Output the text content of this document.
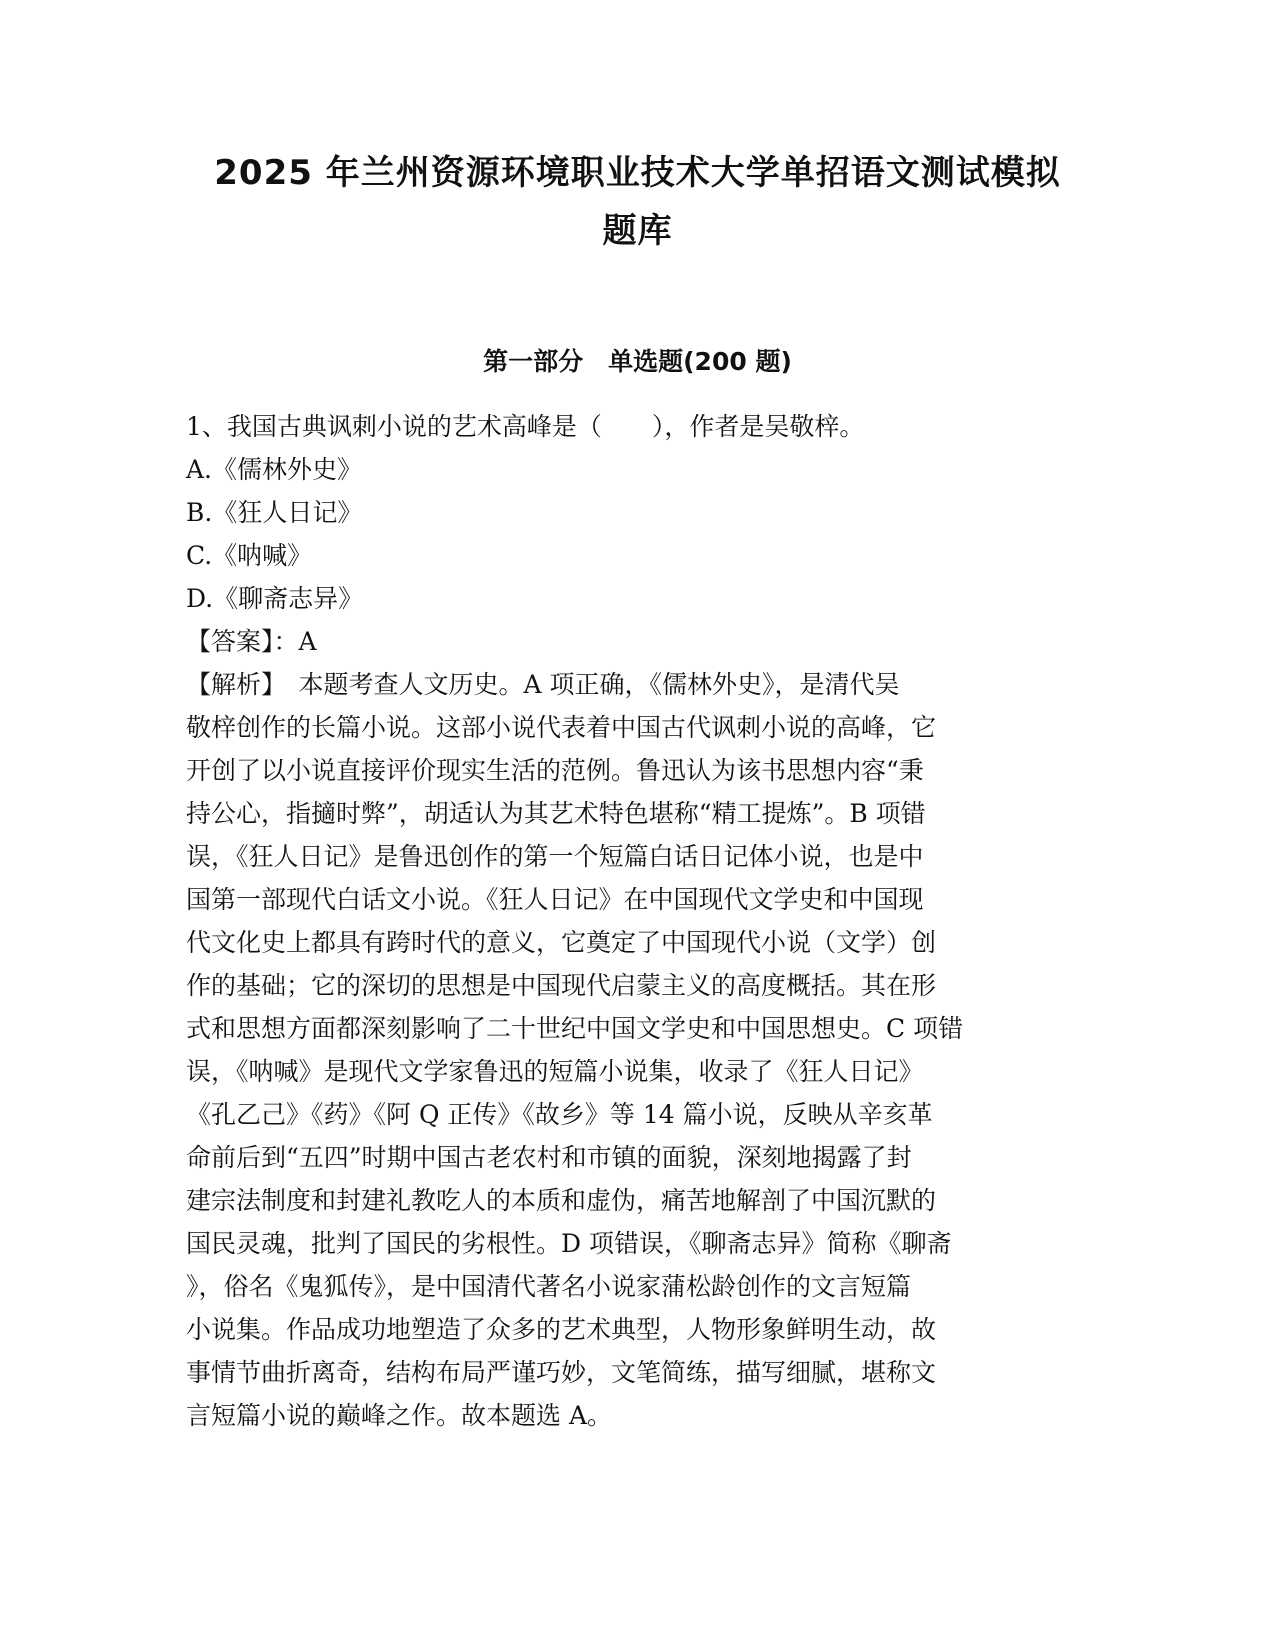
2025 年兰州资源环境职业技术大学单招语文测试模拟
题库
第一部分　单选题(200 题)
1、我国古典讽刺小说的艺术高峰是（　　），作者是吴敬梓。
A.《儒林外史》
B.《狂人日记》
C.《呐喊》
D.《聊斋志异》
【答案】：A
【解析】　本题考查人文历史。A 项正确，《儒林外史》，是清代吴
敬梓创作的长篇小说。这部小说代表着中国古代讽刺小说的高峰，它
开创了以小说直接评价现实生活的范例。鲁迅认为该书思想内容“秉
持公心，指擿时弊”，胡适认为其艺术特色堪称“精工提炼”。B 项错
误，《狂人日记》是鲁迅创作的第一个短篇白话日记体小说，也是中
国第一部现代白话文小说。《狂人日记》在中国现代文学史和中国现
代文化史上都具有跨时代的意义，它奠定了中国现代小说（文学）创
作的基础；它的深切的思想是中国现代启蒙主义的高度概括。其在形
式和思想方面都深刻影响了二十世纪中国文学史和中国思想史。C 项错
误，《呐喊》是现代文学家鲁迅的短篇小说集，收录了《狂人日记》
《孔乙己》《药》《阿 Q 正传》《故乡》等 14 篇小说，反映从辛亥革
命前后到“五四”时期中国古老农村和市镇的面貌，深刻地揭露了封
建宗法制度和封建礼教吃人的本质和虚伪，痛苦地解剖了中国沉默的
国民灵魂，批判了国民的劣根性。D 项错误，《聊斋志异》简称《聊斋
》，俗名《鬼狐传》，是中国清代著名小说家蒲松龄创作的文言短篇
小说集。作品成功地塑造了众多的艺术典型，人物形象鲜明生动，故
事情节曲折离奇，结构布局严谨巧妙，文笔简练，描写细腻，堪称文
言短篇小说的巅峰之作。故本题选 A。
